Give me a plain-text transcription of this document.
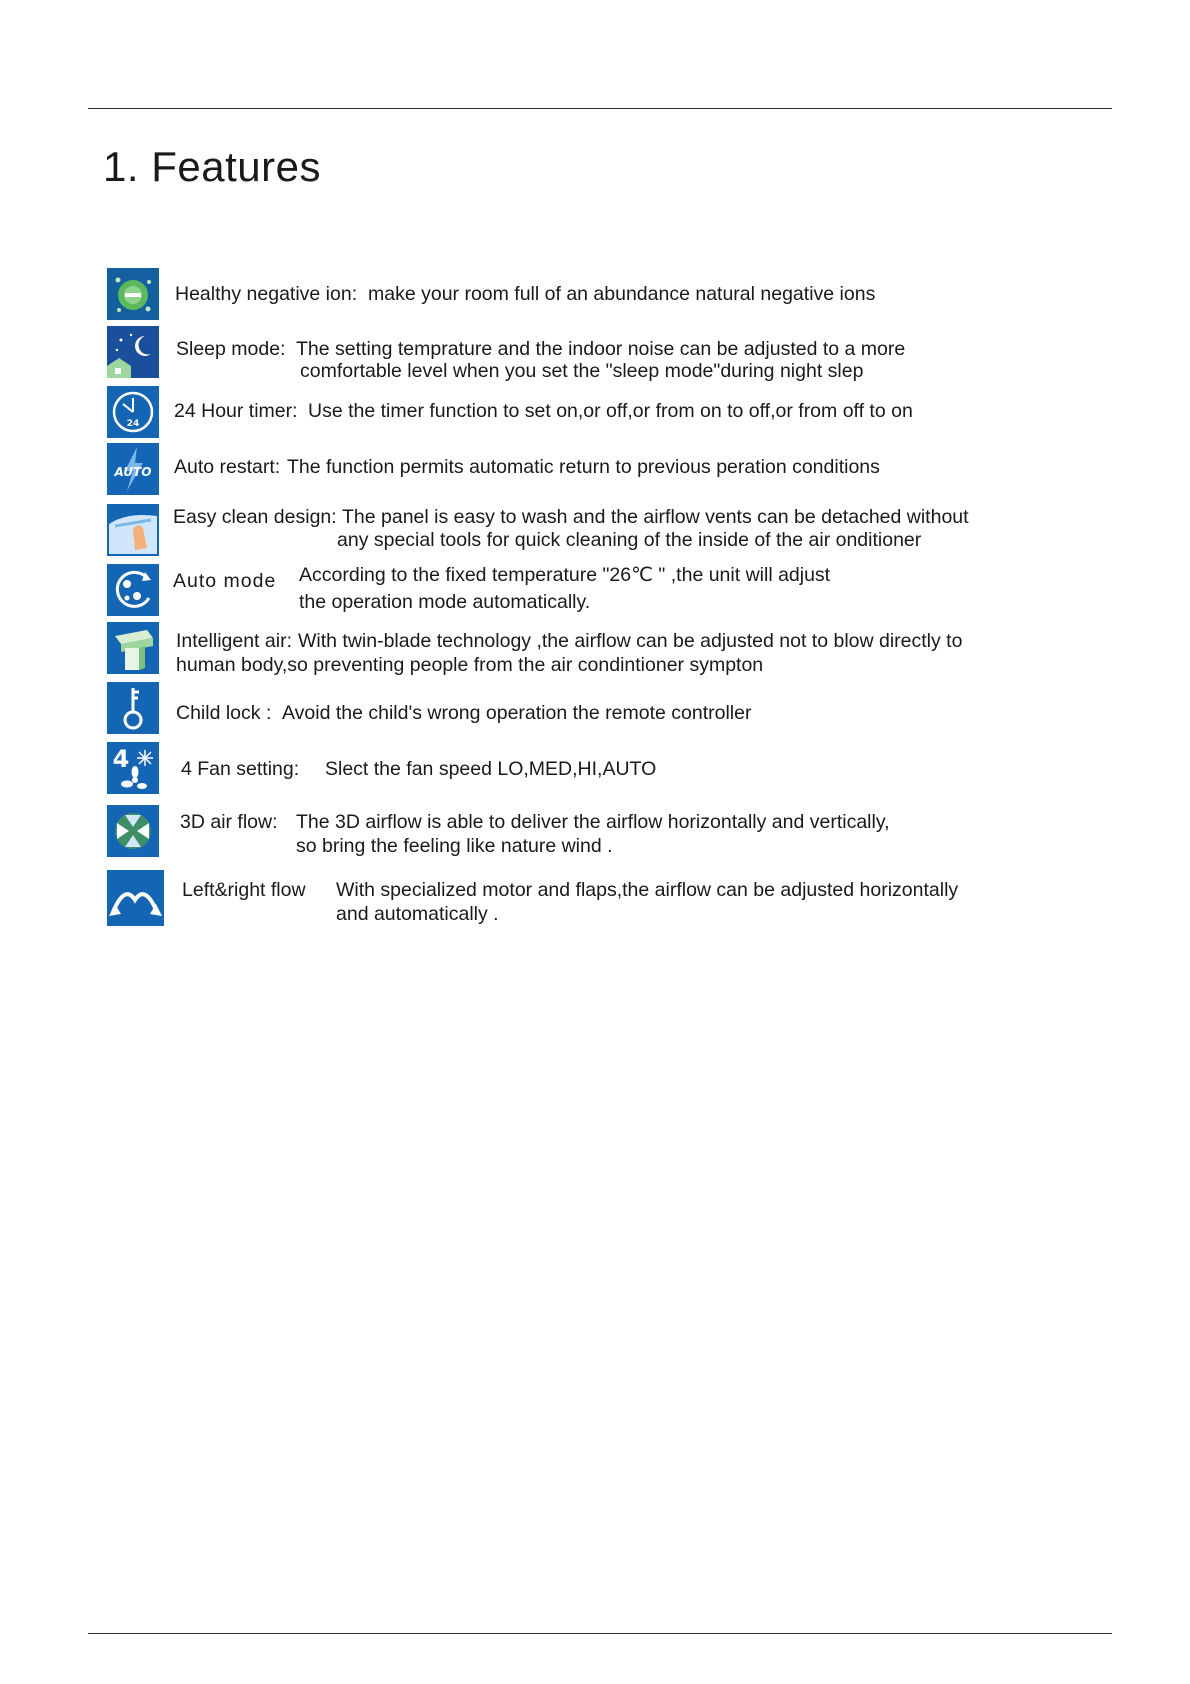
1. Features
Healthy negative ion: make your room full of an abundance natural negative ions
Sleep mode: The setting temprature and the indoor noise can be adjusted to a more
comfortable level when you set the "sleep mode"during night slep
24
24 Hour timer: Use the timer function to set on,or off,or from on to off,or from off to on
AUTO Auto restart: The function permits automatic return to previous peration conditions
Easy clean design: The panel is easy to wash and the airflow vents can be detached without
any special tools for quick cleaning of the inside of the air onditioner
Auto mode According to the fixed temperature "26℃ " ,the unit will adjust
the operation mode automatically.
Intelligent air: With twin-blade technology ,the airflow can be adjusted not to blow directly to
human body,so preventing people from the air condintioner sympton
Child lock : Avoid the child's wrong operation the remote controller
4	4 Fan setting: Slect the fan speed LO,MED,HI,AUTO
3D air flow: The 3D airflow is able to deliver the airflow horizontally and vertically,
so bring the feeling like nature wind .
Left&right flow With specialized motor and flaps,the airflow can be adjusted horizontally
and automatically .
